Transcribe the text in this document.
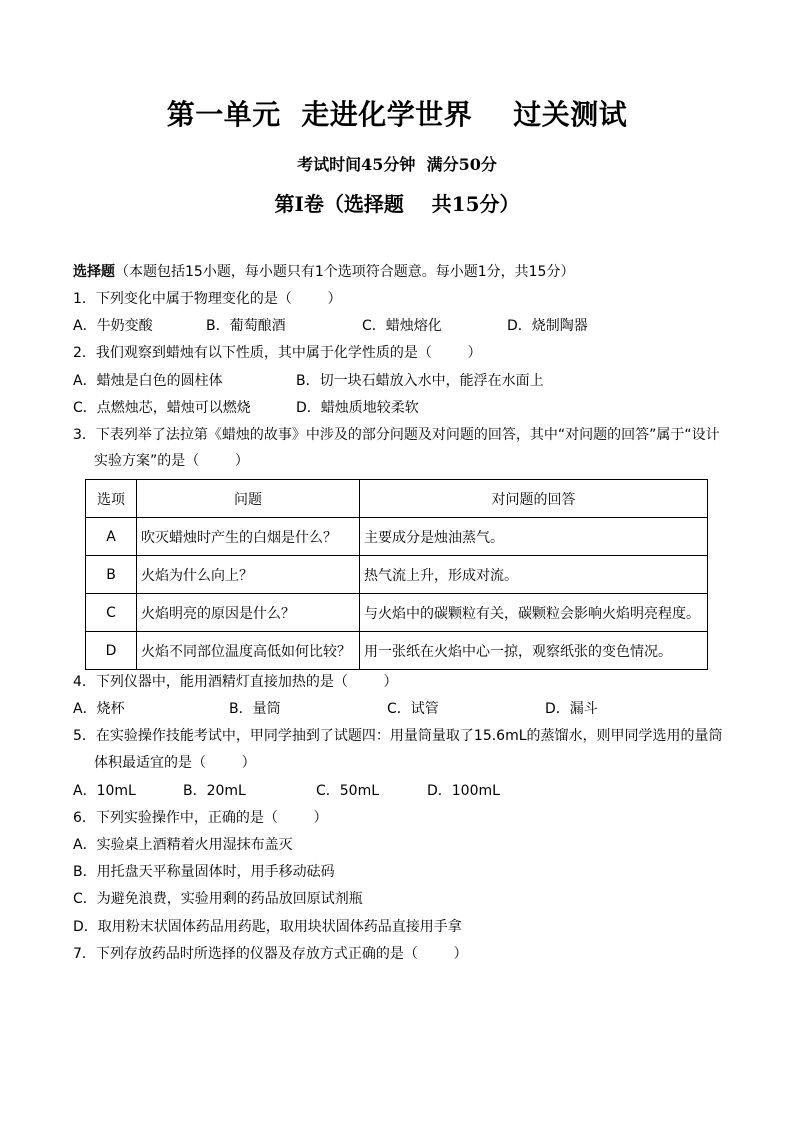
第一单元  走进化学世界    过关测试
考试时间45分钟  满分50分
第Ⅰ卷（选择题    共15分）
选择题（本题包括15小题，每小题只有1个选项符合题意。每小题1分，共15分）
1．下列变化中属于物理变化的是（        ）
A．牛奶变酸	B．葡萄酿酒	C．蜡烛熔化	D．烧制陶器
2．我们观察到蜡烛有以下性质，其中属于化学性质的是（        ）
A．蜡烛是白色的圆柱体	B．切一块石蜡放入水中，能浮在水面上
C．点燃烛芯，蜡烛可以燃烧	D．蜡烛质地较柔软
3．下表列举了法拉第《蜡烛的故事》中涉及的部分问题及对问题的回答，其中“对问题的回答”属于“设计
实验方案”的是（        ）
选项	问题	对问题的回答
A	吹灭蜡烛时产生的白烟是什么？	主要成分是烛油蒸气。
B	火焰为什么向上？	热气流上升，形成对流。
C	火焰明亮的原因是什么？	与火焰中的碳颗粒有关，碳颗粒会影响火焰明亮程度。
D	火焰不同部位温度高低如何比较？	用一张纸在火焰中心一掠，观察纸张的变色情况。
4．下列仪器中，能用酒精灯直接加热的是（        ）
A．烧杯	B．量筒	C．试管	D．漏斗
5．在实验操作技能考试中，甲同学抽到了试题四：用量筒量取了15.6mL的蒸馏水，则甲同学选用的量筒
体积最适宜的是（        ）
A．10mL	B．20mL	C．50mL	D．100mL
6．下列实验操作中，正确的是（        ）
A．实验桌上酒精着火用湿抹布盖灭
B．用托盘天平称量固体时，用手移动砝码
C．为避免浪费，实验用剩的药品放回原试剂瓶
D．取用粉末状固体药品用药匙，取用块状固体药品直接用手拿
7．下列存放药品时所选择的仪器及存放方式正确的是（        ）
